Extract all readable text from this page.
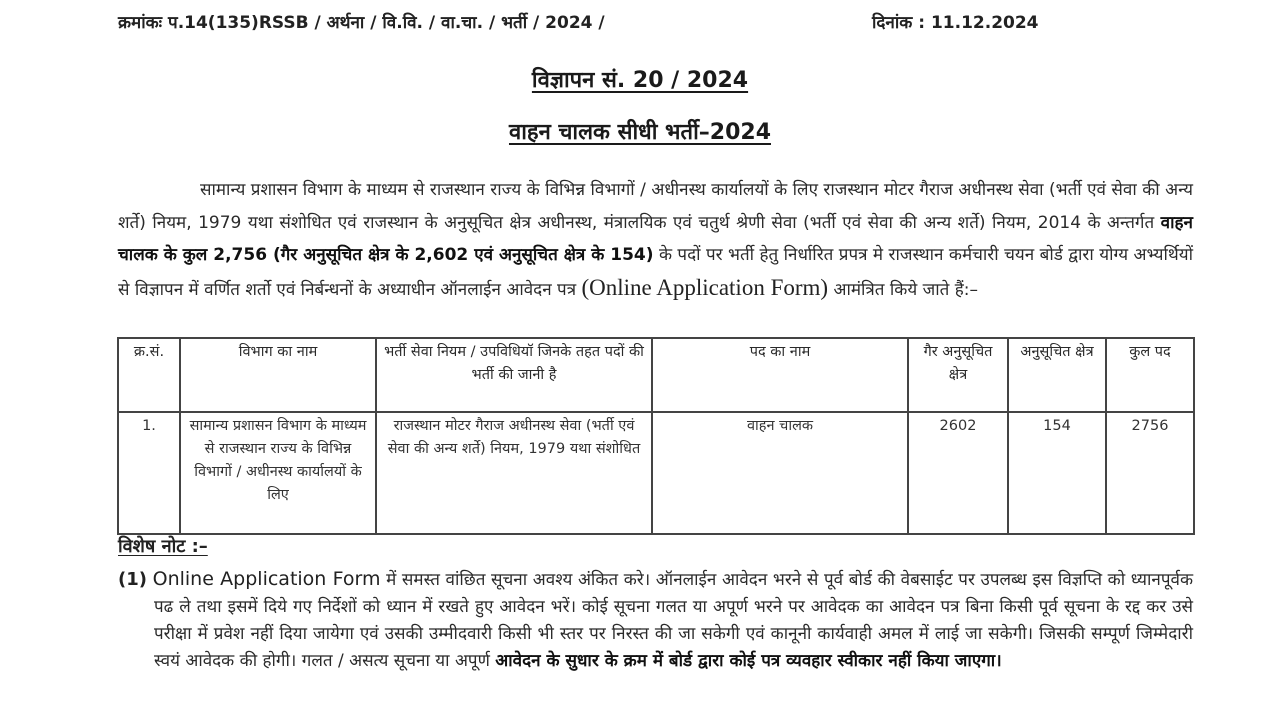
क्रमांकः प.14(135)RSSB / अर्थना / वि.वि. / वा.चा. / भर्ती / 2024 /	दिनांक : 11.12.2024
विज्ञापन सं. 20 / 2024
वाहन चालक सीधी भर्ती–2024
सामान्य प्रशासन विभाग के माध्यम से राजस्थान राज्य के विभिन्न विभागों / अधीनस्थ कार्यालयों के लिए राजस्थान मोटर गैराज अधीनस्थ सेवा (भर्ती एवं सेवा की अन्य शर्ते) नियम, 1979 यथा संशोधित एवं राजस्थान के अनुसूचित क्षेत्र अधीनस्थ, मंत्रालयिक एवं चतुर्थ श्रेणी सेवा (भर्ती एवं सेवा की अन्य शर्ते) नियम, 2014 के अन्तर्गत वाहन चालक के कुल 2,756 (गैर अनुसूचित क्षेत्र के 2,602 एवं अनुसूचित क्षेत्र के 154) के पदों पर भर्ती हेतु निर्धारित प्रपत्र मे राजस्थान कर्मचारी चयन बोर्ड द्वारा योग्य अभ्यर्थियों से विज्ञापन में वर्णित शर्तो एवं निर्बन्धनों के अध्याधीन ऑनलाईन आवेदन पत्र (Online Application Form) आमंत्रित किये जाते हैं:–
क्र.सं.	विभाग का नाम	भर्ती सेवा नियम / उपविधियॉ जिनके तहत पदों की भर्ती की जानी है	पद का नाम	गैर अनुसूचित क्षेत्र	अनुसूचित क्षेत्र	कुल पद
1.	सामान्य प्रशासन विभाग के माध्यम से राजस्थान राज्य के विभिन्न विभागों / अधीनस्थ कार्यालयों के लिए	राजस्थान मोटर गैराज अधीनस्थ सेवा (भर्ती एवं सेवा की अन्य शर्ते) नियम, 1979 यथा संशोधित	वाहन चालक	2602	154	2756
विशेष नोट :–
(1) Online Application Form में समस्त वांछित सूचना अवश्य अंकित करे। ऑनलाईन आवेदन भरने से पूर्व बोर्ड की वेबसाईट पर उपलब्ध इस विज्ञप्ति को ध्यानपूर्वक पढ ले तथा इसमें दिये गए निर्देशों को ध्यान में रखते हुए आवेदन भरें। कोई सूचना गलत या अपूर्ण भरने पर आवेदक का आवेदन पत्र बिना किसी पूर्व सूचना के रद्द कर उसे परीक्षा में प्रवेश नहीं दिया जायेगा एवं उसकी उम्मीदवारी किसी भी स्तर पर निरस्त की जा सकेगी एवं कानूनी कार्यवाही अमल में लाई जा सकेगी। जिसकी सम्पूर्ण जिम्मेदारी स्वयं आवेदक की होगी। गलत / असत्य सूचना या अपूर्ण आवेदन के सुधार के क्रम में बोर्ड द्वारा कोई पत्र व्यवहार स्वीकार नहीं किया जाएगा।
